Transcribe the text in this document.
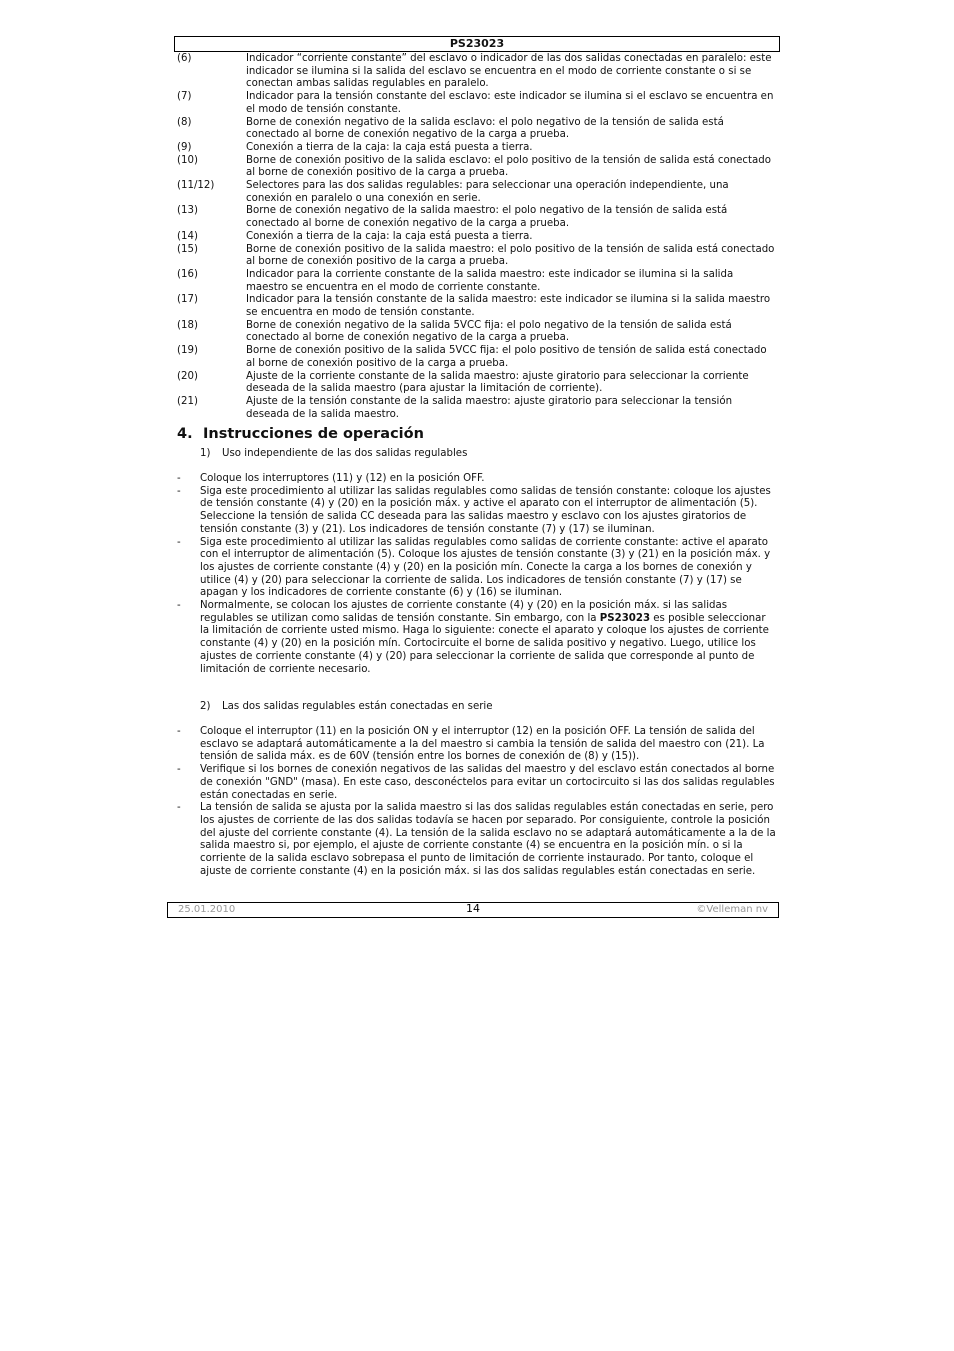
PS23023
(6)	Indicador “corriente constante” del esclavo o indicador de las dos salidas conectadas en paralelo: este indicador se ilumina si la salida del esclavo se encuentra en el modo de corriente constante o si se conectan ambas salidas regulables en paralelo.
(7)	Indicador para la tensión constante del esclavo: este indicador se ilumina si el esclavo se encuentra en el modo de tensión constante.
(8)	Borne de conexión negativo de la salida esclavo: el polo negativo de la tensión de salida está conectado al borne de conexión negativo de la carga a prueba.
(9)	Conexión a tierra de la caja: la caja está puesta a tierra.
(10)	Borne de conexión positivo de la salida esclavo: el polo positivo de la tensión de salida está conectado al borne de conexión positivo de la carga a prueba.
(11/12)	Selectores para las dos salidas regulables: para seleccionar una operación independiente, una conexión en paralelo o una conexión en serie.
(13)	Borne de conexión negativo de la salida maestro: el polo negativo de la tensión de salida está conectado al borne de conexión negativo de la carga a prueba.
(14)	Conexión a tierra de la caja: la caja está puesta a tierra.
(15)	Borne de conexión positivo de la salida maestro: el polo positivo de la tensión de salida está conectado al borne de conexión positivo de la carga a prueba.
(16)	Indicador para la corriente constante de la salida maestro: este indicador se ilumina si la salida maestro se encuentra en el modo de corriente constante.
(17)	Indicador para la tensión constante de la salida maestro: este indicador se ilumina si la salida maestro se encuentra en modo de tensión constante.
(18)	Borne de conexión negativo de la salida 5VCC fija: el polo negativo de la tensión de salida está conectado al borne de conexión negativo de la carga a prueba.
(19)	Borne de conexión positivo de la salida 5VCC fija: el polo positivo de tensión de salida está conectado al borne de conexión positivo de la carga a prueba.
(20)	Ajuste de la corriente constante de la salida maestro: ajuste giratorio para seleccionar la corriente deseada de la salida maestro (para ajustar la limitación de corriente).
(21)	Ajuste de la tensión constante de la salida maestro: ajuste giratorio para seleccionar la tensión deseada de la salida maestro.
4. Instrucciones de operación
1) Uso independiente de las dos salidas regulables
-	Coloque los interruptores (11) y (12) en la posición OFF.
-	Siga este procedimiento al utilizar las salidas regulables como salidas de tensión constante: coloque los ajustes de tensión constante (4) y (20) en la posición máx. y active el aparato con el interruptor de alimentación (5). Seleccione la tensión de salida CC deseada para las salidas maestro y esclavo con los ajustes giratorios de tensión constante (3) y (21). Los indicadores de tensión constante (7) y (17) se iluminan.
-	Siga este procedimiento al utilizar las salidas regulables como salidas de corriente constante: active el aparato con el interruptor de alimentación (5). Coloque los ajustes de tensión constante (3) y (21) en la posición máx. y los ajustes de corriente constante (4) y (20) en la posición mín. Conecte la carga a los bornes de conexión y utilice (4) y (20) para seleccionar la corriente de salida. Los indicadores de tensión constante (7) y (17) se apagan y los indicadores de corriente constante (6) y (16) se iluminan.
-	Normalmente, se colocan los ajustes de corriente constante (4) y (20) en la posición máx. si las salidas regulables se utilizan como salidas de tensión constante. Sin embargo, con la PS23023 es posible seleccionar la limitación de corriente usted mismo. Haga lo siguiente: conecte el aparato y coloque los ajustes de corriente constante (4) y (20) en la posición mín. Cortocircuite el borne de salida positivo y negativo. Luego, utilice los ajustes de corriente constante (4) y (20) para seleccionar la corriente de salida que corresponde al punto de limitación de corriente necesario.
2) Las dos salidas regulables están conectadas en serie
-	Coloque el interruptor (11) en la posición ON y el interruptor (12) en la posición OFF. La tensión de salida del esclavo se adaptará automáticamente a la del maestro si cambia la tensión de salida del maestro con (21). La tensión de salida máx. es de 60V (tensión entre los bornes de conexión de (8) y (15)).
-	Verifique si los bornes de conexión negativos de las salidas del maestro y del esclavo están conectados al borne de conexión "GND" (masa). En este caso, desconéctelos para evitar un cortocircuito si las dos salidas regulables están conectadas en serie.
-	La tensión de salida se ajusta por la salida maestro si las dos salidas regulables están conectadas en serie, pero los ajustes de corriente de las dos salidas todavía se hacen por separado. Por consiguiente, controle la posición del ajuste del corriente constante (4). La tensión de la salida esclavo no se adaptará automáticamente a la de la salida maestro si, por ejemplo, el ajuste de corriente constante (4) se encuentra en la posición mín. o si la corriente de la salida esclavo sobrepasa el punto de limitación de corriente instaurado. Por tanto, coloque el ajuste de corriente constante (4) en la posición máx. si las dos salidas regulables están conectadas en serie.
25.01.2010	14	©Velleman nv
